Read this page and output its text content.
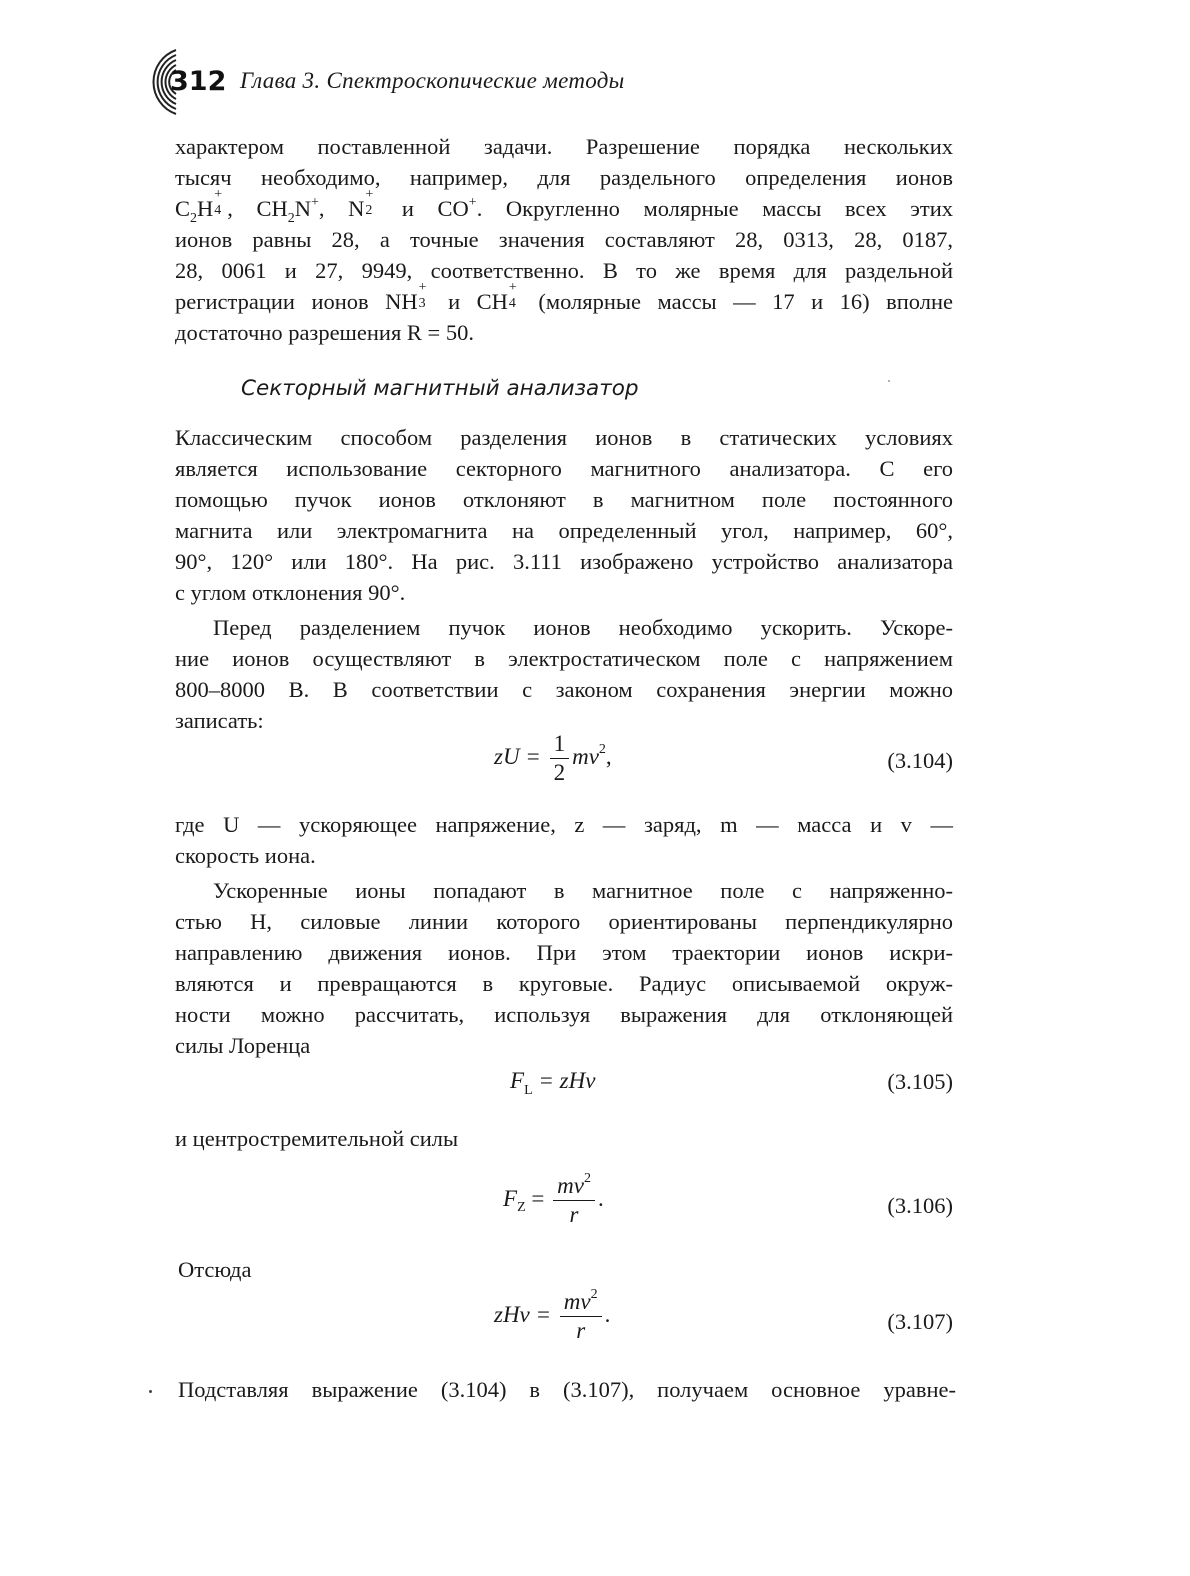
312 Глава 3. Спектроскопические методы
характером поставленной задачи. Разрешение порядка нескольких
тысяч необходимо, например, для раздельного определения ионов
$C_2H$
+
4 , $CH_2N^+$, N
+
2 и CO+. Округленно молярные массы всех этих
ионов равны 28, а точные значения составляют 28, 0313, 28, 0187,
28, 0061 и 27, 9949, соответственно. В то же время для раздельной
регистрации ионов NH
+
3 и CH
+
4 (молярные массы — 17 и 16) вполне
достаточно разрешения R = 50.
Секторный магнитный анализатор
Классическим способом разделения ионов в статических условиях
является использование секторного магнитного анализатора. С его
помощью пучок ионов отклоняют в магнитном поле постоянного
магнита или электромагнита на определенный угол, например, 60°,
90°, 120° или 180°. На рис. 3.111 изображено устройство анализатора
с углом отклонения 90°.
Перед разделением пучок ионов необходимо ускорить. Ускоре-
ние ионов осуществляют в электростатическом поле с напряжением
800–8000 В. В соответствии с законом сохранения энергии можно
записать:
zU = $\frac{1}{2} mv^2$,	(3.104)
где U — ускоряющее напряжение, z — заряд, m — масса и v —
скорость иона.
Ускоренные ионы попадают в магнитное поле с напряженно-
стью H, силовые линии которого ориентированы перпендикулярно
направлению движения ионов. При этом траектории ионов искри-
вляются и превращаются в круговые. Радиус описываемой окруж-
ности можно рассчитать, используя выражения для отклоняющей
силы Лоренца
$F_L$ = zHv	(3.105)
и центростремительной силы
$F_Z = \frac{mv^2}{r}$ .	(3.106)
Отсюда
zHv = $\frac{mv^2}{r}$ .	(3.107)
Подставляя выражение (3.104) в (3.107), получаем основное уравне-
